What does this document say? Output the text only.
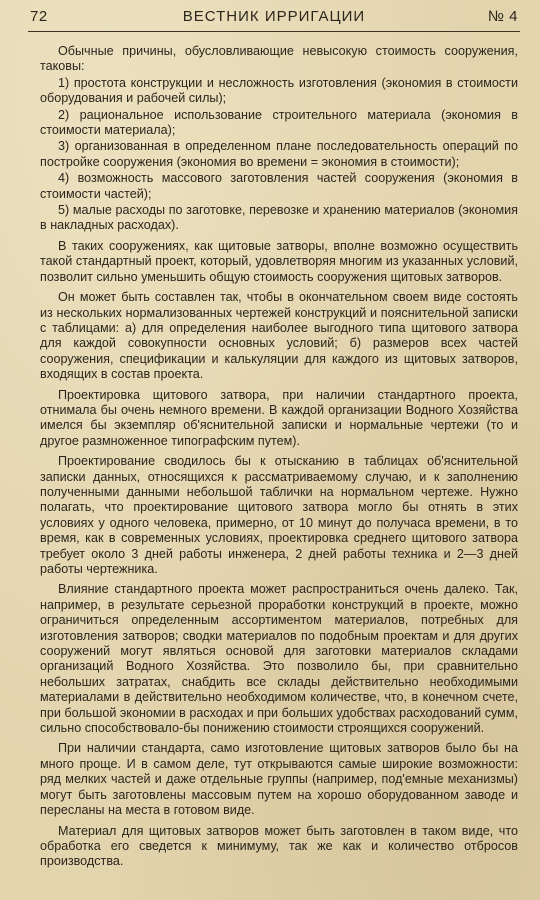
72	ВЕСТНИК ИРРИГАЦИИ	№ 4

Обычные причины, обусловливающие невысокую стоимость сооружения, таковы:

1) простота конструкции и несложность изготовления (экономия в стоимости оборудования и рабочей силы);

2) рациональное использование строительного материала (экономия в стоимости материала);

3) организованная в определенном плане последовательность операций по постройке сооружения (экономия во времени = экономия в стоимости);

4) возможность массового заготовления частей сооружения (экономия в стоимости частей);

5) малые расходы по заготовке, перевозке и хранению материалов (экономия в накладных расходах).

В таких сооружениях, как щитовые затворы, вполне возможно осуществить такой стандартный проект, который, удовлетворяя многим из указанных условий, позволит сильно уменьшить общую стоимость сооружения щитовых затворов.

Он может быть составлен так, чтобы в окончательном своем виде состоять из нескольких нормализованных чертежей конструкций и пояснительной записки с таблицами: а) для определения наиболее выгодного типа щитового затвора для каждой совокупности основных условий; б) размеров всех частей сооружения, спецификации и калькуляции для каждого из щитовых затворов, входящих в состав проекта.

Проектировка щитового затвора, при наличии стандартного проекта, отнимала бы очень немного времени. В каждой организации Водного Хозяйства имелся бы экземпляр об'яснительной записки и нормальные чертежи (то и другое размноженное типографским путем).

Проектирование сводилось бы к отысканию в таблицах об'яснительной записки данных, относящихся к рассматриваемому случаю, и к заполнению полученными данными небольшой таблички на нормальном чертеже. Нужно полагать, что проектирование щитового затвора могло бы отнять в этих условиях у одного человека, примерно, от 10 минут до получаса времени, в то время, как в современных условиях, проектировка среднего щитового затвора требует около 3 дней работы инженера, 2 дней работы техника и 2—3 дней работы чертежника.

Влияние стандартного проекта может распространиться очень далеко. Так, например, в результате серьезной проработки конструкций в проекте, можно ограничиться определенным ассортиментом материалов, потребных для изготовления затворов; сводки материалов по подобным проектам и для других сооружений могут являться основой для заготовки материалов складами организаций Водного Хозяйства. Это позволило бы, при сравнительно небольших затратах, снабдить все склады действительно необходимыми материалами в действительно необходимом количестве, что, в конечном счете, при большой экономии в расходах и при больших удобствах расходований сумм, сильно способствовало-бы понижению стоимости строящихся сооружений.

При наличии стандарта, само изготовление щитовых затворов было бы на много проще. И в самом деле, тут открываются самые широкие возможности: ряд мелких частей и даже отдельные группы (например, под'емные механизмы) могут быть заготовлены массовым путем на хорошо оборудованном заводе и пересланы на места в готовом виде.

Материал для щитовых затворов может быть заготовлен в таком виде, что обработка его сведется к минимуму, так же как и количество отбросов производства.
